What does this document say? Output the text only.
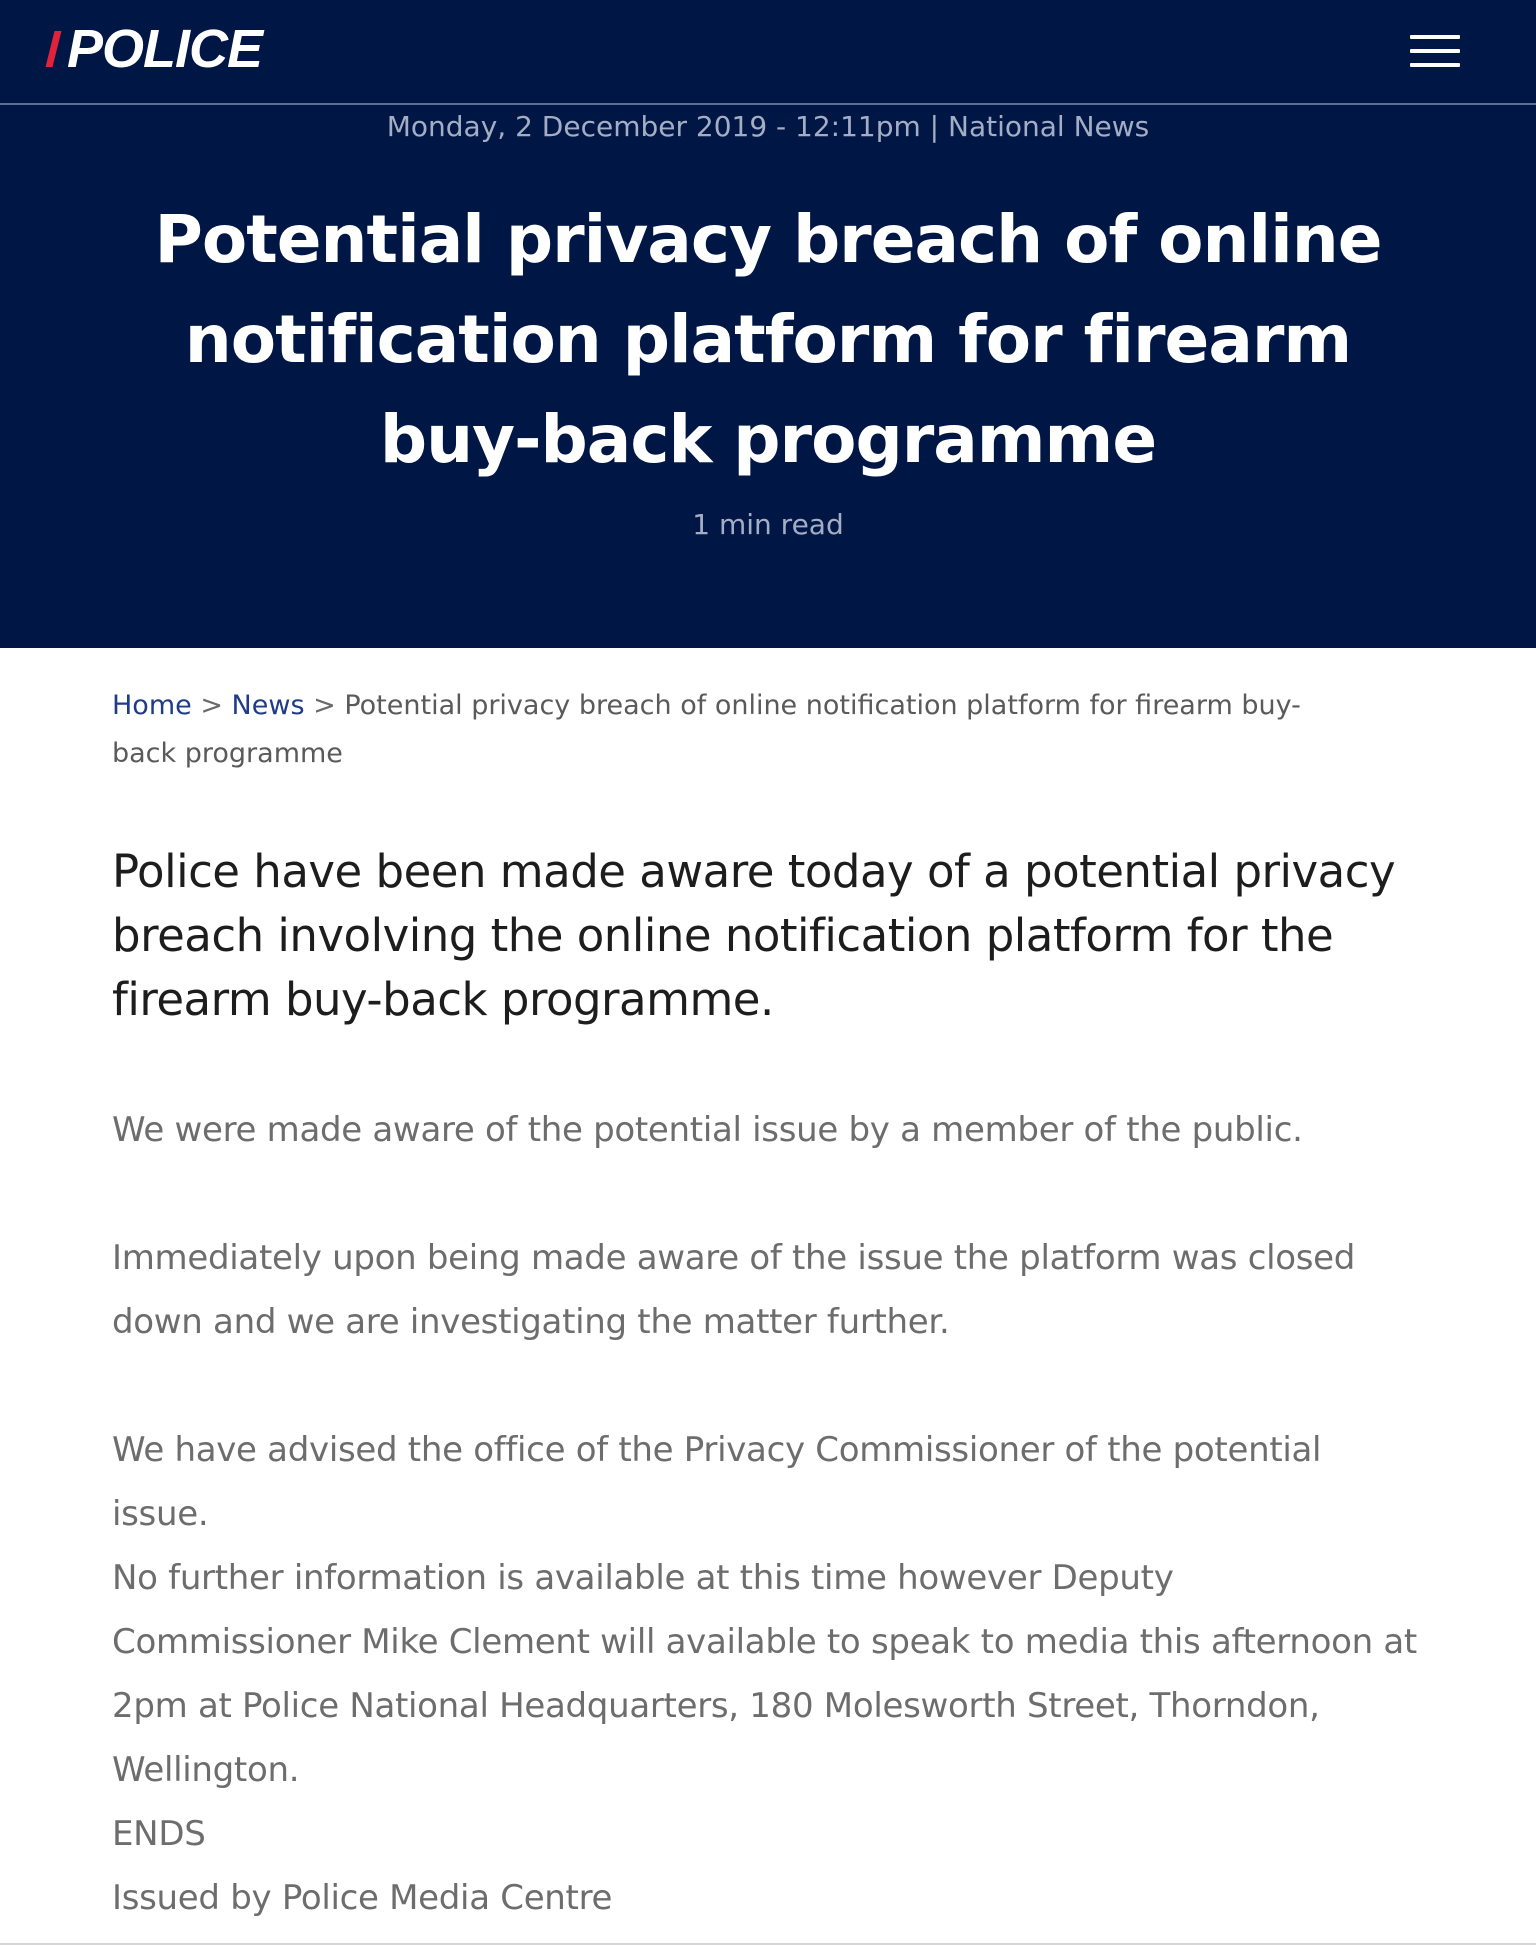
POLICE
Monday, 2 December 2019 - 12:11pm | National News
Potential privacy breach of online notification platform for firearm buy-back programme
1 min read
Home > News > Potential privacy breach of online notification platform for firearm buy-back programme

Police have been made aware today of a potential privacy breach involving the online notification platform for the firearm buy-back programme.

We were made aware of the potential issue by a member of the public.

Immediately upon being made aware of the issue the platform was closed down and we are investigating the matter further.

We have advised the office of the Privacy Commissioner of the potential issue.

No further information is available at this time however Deputy Commissioner Mike Clement will available to speak to media this afternoon at 2pm at Police National Headquarters, 180 Molesworth Street, Thorndon, Wellington.

ENDS

Issued by Police Media Centre
